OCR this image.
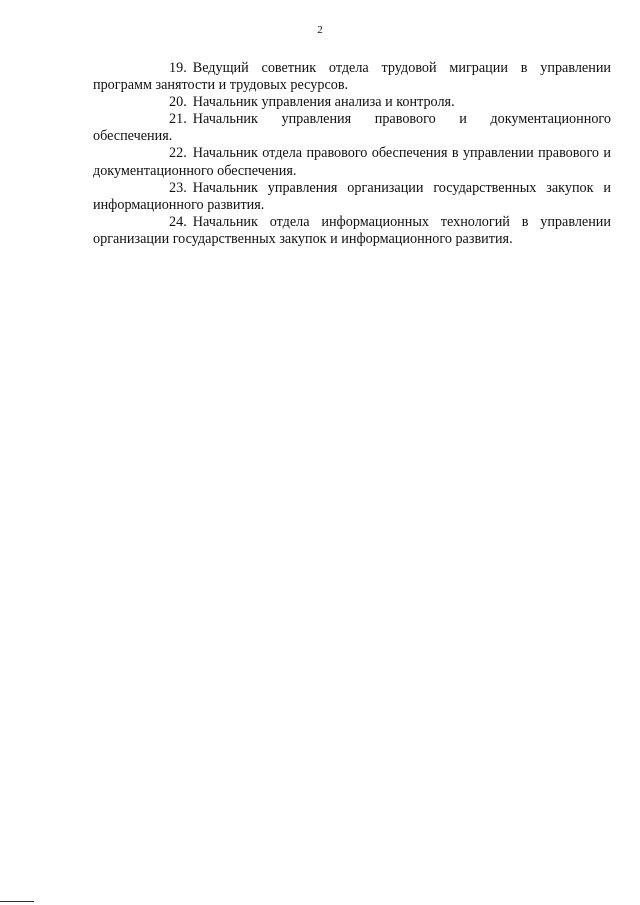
2

19. Ведущий советник отдела трудовой миграции в управлении программ занятости и трудовых ресурсов.

20. Начальник управления анализа и контроля.

21. Начальник управления правового и документационного обеспечения.

22. Начальник отдела правового обеспечения в управлении правового и документационного обеспечения.

23. Начальник управления организации государственных закупок и информационного развития.

24. Начальник отдела информационных технологий в управлении организации государственных закупок и информационного развития.
